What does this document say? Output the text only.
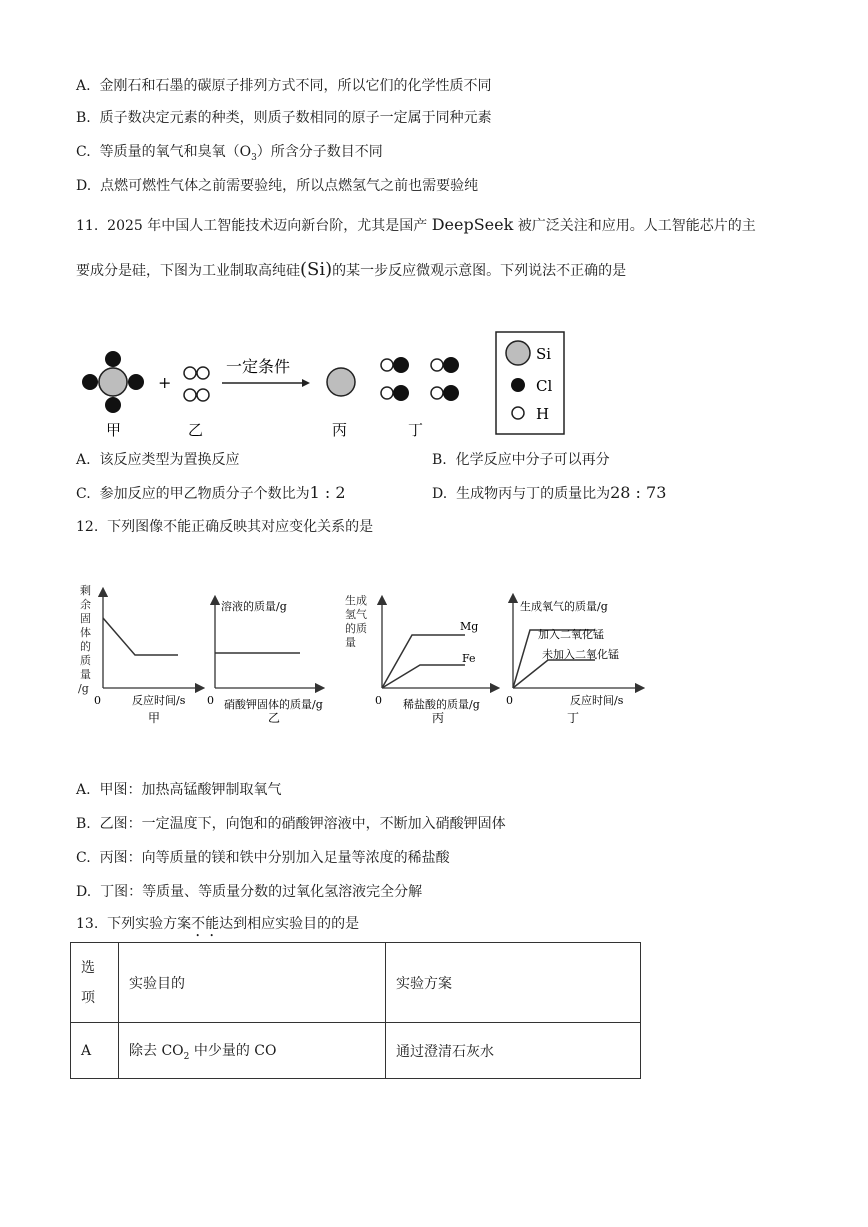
A. 金刚石和石墨的碳原子排列方式不同，所以它们的化学性质不同
B. 质子数决定元素的种类，则质子数相同的原子一定属于同种元素
C. 等质量的氧气和臭氧$(O_3)$所含分子数目不同
D. 点燃可燃性气体之前需要验纯，所以点燃氢气之前也需要验纯
11. 2025 年中国人工智能技术迈向新台阶，尤其是国产 DeepSeek 被广泛关注和应用。人工智能芯片的主
要成分是硅，下图为工业制取高纯硅(Si)的某一步反应微观示意图。下列说法不正确的是
+
一定条件
甲	乙	丙	丁
Si
Cl
H
A. 该反应类型为置换反应	B. 化学反应中分子可以再分
C. 参加反应的甲乙物质分子个数比为1 : 2	D. 生成物丙与丁的质量比为28 : 73
12. 下列图像不能正确反映其对应变化关系的是
剩
余
固
体
的
质
量
/g
0	反应时间/s
甲
溶液的质量/g
0 硝酸钾固体的质量/g
乙
生成
氢气
的质
量
Mg
Fe
0 稀盐酸的质量/g
丙
生成氧气的质量/g
加入二氧化锰
未加入二氧化锰
0	反应时间/s
丁
A. 甲图：加热高锰酸钾制取氧气
B. 乙图：一定温度下，向饱和的硝酸钾溶液中，不断加入硝酸钾固体
C. 丙图：向等质量的镁和铁中分别加入足量等浓度的稀盐酸
D. 丁图：等质量、等质量分数的过氧化氢溶液完全分解
13. 下列实验方案不能达到相应实验目的的是
选
项	实验目的	实验方案
A	除去 $CO_2$ 中少量的 CO	通过澄清石灰水
